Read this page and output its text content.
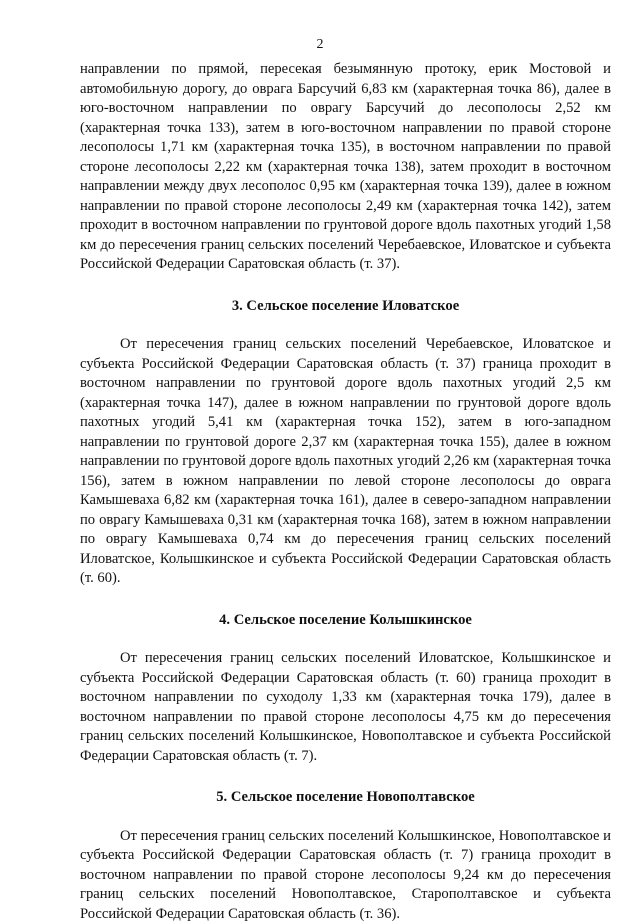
2

направлении по прямой, пересекая безымянную протоку, ерик Мостовой и автомобильную дорогу, до оврага Барсучий 6,83 км (характерная точка 86), далее в юго-восточном направлении по оврагу Барсучий до лесополосы 2,52 км (характерная точка 133), затем в юго-восточном направлении по правой стороне лесополосы 1,71 км (характерная точка 135), в восточном направлении по правой стороне лесополосы 2,22 км (характерная точка 138), затем проходит в восточном направлении между двух лесополос 0,95 км (характерная точка 139), далее в южном направлении по правой стороне лесополосы 2,49 км (характерная точка 142), затем проходит в восточном направлении по грунтовой дороге вдоль пахотных угодий 1,58 км до пересечения границ сельских поселений Черебаевское, Иловатское и субъекта Российской Федерации Саратовская область (т. 37).

3. Сельское поселение Иловатское

От пересечения границ сельских поселений Черебаевское, Иловатское и субъекта Российской Федерации Саратовская область (т. 37) граница проходит в восточном направлении по грунтовой дороге вдоль пахотных угодий 2,5 км (характерная точка 147), далее в южном направлении по грунтовой дороге вдоль пахотных угодий 5,41 км (характерная точка 152), затем в юго-западном направлении по грунтовой дороге 2,37 км (характерная точка 155), далее в южном направлении по грунтовой дороге вдоль пахотных угодий 2,26 км (характерная точка 156), затем в южном направлении по левой стороне лесополосы до оврага Камышеваха 6,82 км (характерная точка 161), далее в северо-западном направлении по оврагу Камышеваха 0,31 км (характерная точка 168), затем в южном направлении по оврагу Камышеваха 0,74 км до пересечения границ сельских поселений Иловатское, Колышкинское и субъекта Российской Федерации Саратовская область (т. 60).

4. Сельское поселение Колышкинское

От пересечения границ сельских поселений Иловатское, Колышкинское и субъекта Российской Федерации Саратовская область (т. 60) граница проходит в восточном направлении по суходолу 1,33 км (характерная точка 179), далее в восточном направлении по правой стороне лесополосы 4,75 км до пересечения границ сельских поселений Колышкинское, Новополтавское и субъекта Российской Федерации Саратовская область (т. 7).

5. Сельское поселение Новополтавское

От пересечения границ сельских поселений Колышкинское, Новополтавское и субъекта Российской Федерации Саратовская область (т. 7) граница проходит в восточном направлении по правой стороне лесополосы 9,24 км до пересечения границ сельских поселений Новополтавское, Старополтавское и субъекта Российской Федерации Саратовская область (т. 36).
